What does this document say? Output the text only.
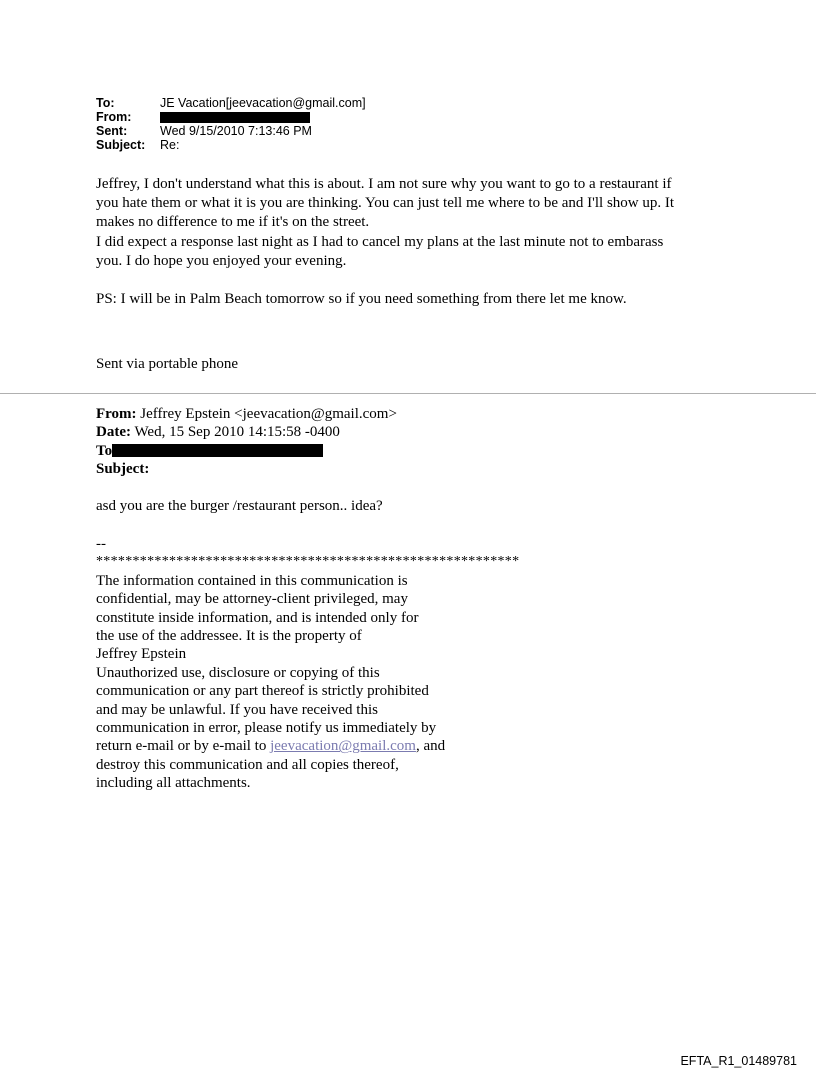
To:	JE Vacation[jeevacation@gmail.com]
From:
Sent:	Wed 9/15/2010 7:13:46 PM
Subject:	Re:

Jeffrey, I don't understand what this is about. I am not sure why you want to go to a restaurant if

you hate them or what it is you are thinking. You can just tell me where to be and I'll show up. It

makes no difference to me if it's on the street.

I did expect a response last night as I had to cancel my plans at the last minute not to embarass

you. I do hope you enjoyed your evening.

PS: I will be in Palm Beach tomorrow so if you need something from there let me know.

Sent via portable phone
From: Jeffrey Epstein <jeevacation@gmail.com>
Date: Wed, 15 Sep 2010 14:15:58 -0400
To
Subject:
asd you are the burger /restaurant person.. idea?
--
**********************************************************
The information contained in this communication is
confidential, may be attorney-client privileged, may
constitute inside information, and is intended only for
the use of the addressee. It is the property of
Jeffrey Epstein
Unauthorized use, disclosure or copying of this
communication or any part thereof is strictly prohibited
and may be unlawful. If you have received this
communication in error, please notify us immediately by
return e-mail or by e-mail to jeevacation@gmail.com, and
destroy this communication and all copies thereof,
including all attachments.
EFTA_R1_01489781
